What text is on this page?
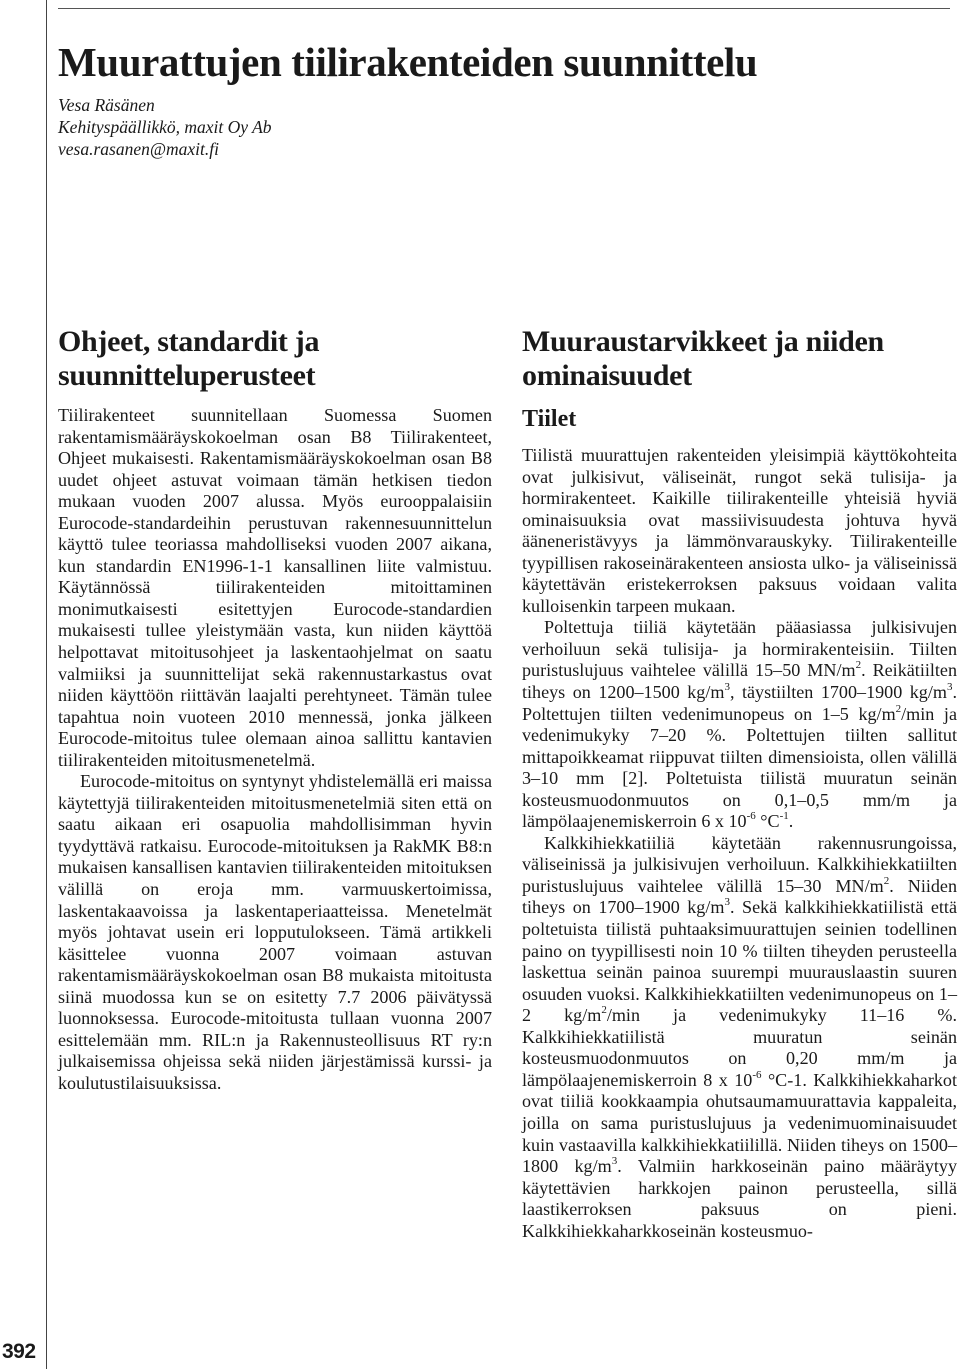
392
Muurattujen tiilirakenteiden suunnittelu
Vesa Räsänen
Kehityspäällikkö, maxit Oy Ab
vesa.rasanen@maxit.fi
Ohjeet, standardit ja suunnitteluperusteet

Tiilirakenteet suunnitellaan Suomessa Suomen rakentamismääräyskokoelman osan B8 Tiilirakenteet, Ohjeet mukaisesti. Rakentamismääräyskokoelman osan B8 uudet ohjeet astuvat voimaan tämän hetkisen tiedon mukaan vuoden 2007 alussa. Myös eurooppalaisiin Eurocode-standardeihin perustuvan rakennesuunnittelun käyttö tulee teoriassa mahdolliseksi vuoden 2007 aikana, kun standardin EN1996-1-1 kansallinen liite valmistuu. Käytännössä tiilirakenteiden mitoittaminen monimutkaisesti esitettyjen Eurocode-standardien mukaisesti tullee yleistymään vasta, kun niiden käyttöä helpottavat mitoitusohjeet ja laskentaohjelmat on saatu valmiiksi ja suunnittelijat sekä rakennustarkastus ovat niiden käyttöön riittävän laajalti perehtyneet. Tämän tulee tapahtua noin vuoteen 2010 mennessä, jonka jälkeen Eurocode-mitoitus tulee olemaan ainoa sallittu kantavien tiilirakenteiden mitoitusmenetelmä.

Eurocode-mitoitus on syntynyt yhdistelemällä eri maissa käytettyjä tiilirakenteiden mitoitusmenetelmiä siten että on saatu aikaan eri osapuolia mahdollisimman hyvin tyydyttävä ratkaisu. Eurocode-mitoituksen ja RakMK B8:n mukaisen kansallisen kantavien tiilirakenteiden mitoituksen välillä on eroja mm. varmuuskertoimissa, laskentakaavoissa ja laskentaperiaatteissa. Menetelmät myös johtavat usein eri lopputulokseen. Tämä artikkeli käsittelee vuonna 2007 voimaan astuvan rakentamismääräyskokoelman osan B8 mukaista mitoitusta siinä muodossa kun se on esitetty 7.7 2006 päivätyssä luonnoksessa. Eurocode-mitoitusta tullaan vuonna 2007 esittelemään mm. RIL:n ja Rakennusteollisuus RT ry:n julkaisemissa ohjeissa sekä niiden järjestämissä kurssi- ja koulutustilaisuuksissa.

Muuraustarvikkeet ja niiden ominaisuudet
Tiilet

Tiilistä muurattujen rakenteiden yleisimpiä käyttökohteita ovat julkisivut, väliseinät, rungot sekä tulisija- ja hormirakenteet. Kaikille tiilirakenteille yhteisiä hyviä ominaisuuksia ovat massiivisuudesta johtuva hyvä ääneneristävyys ja lämmönvarauskyky. Tiilirakenteille tyypillisen rakoseinärakenteen ansiosta ulko- ja väliseinissä käytettävän eristekerroksen paksuus voidaan valita kulloisenkin tarpeen mukaan.

Poltettuja tiiliä käytetään pääasiassa julkisivujen verhoiluun sekä tulisija- ja hormirakenteisiin. Tiilten puristuslujuus vaihtelee välillä 15–50 $MN/m^2$. Reikätiilten tiheys on 1200–1500 $kg/m^3$, täystiilten 1700–1900 $kg/m^3$. Poltettujen tiilten vedenimunopeus on 1–5 $kg/m^2/\min$ ja vedenimukyky 7–20 %. Poltettujen tiilten sallitut mittapoikkeamat riippuvat tiilten dimensioista, ollen välillä 3–10 mm [2]. Poltetuista tiilistä muuratun seinän kosteusmuodonmuutos on 0,1–0,5 mm/m ja lämpölaajenemiskerroin 6 x $10^{-6}$ $^\circ C^{-1}$.

Kalkkihiekkatiiliä käytetään rakennusrungoissa, väliseinissä ja julkisivujen verhoiluun. Kalkkihiekkatiilten puristuslujuus vaihtelee välillä 15–30 $MN/m^2$. Niiden tiheys on 1700–1900 $kg/m^3$. Sekä kalkkihiekkatiilistä että poltetuista tiilistä puhtaaksimuurattujen seinien todellinen paino on tyypillisesti noin 10 % tiilten tiheyden perusteella laskettua seinän painoa suurempi muurauslaastin suuren osuuden vuoksi. Kalkkihiekkatiilten vedenimunopeus on 1–2 $kg/m^2/\min$ ja vedenimukyky 11–16 %. Kalkkihiekkatiilistä muuratun seinän kosteusmuodonmuutos on 0,20 mm/m ja lämpölaajenemiskerroin 8 x $10^{-6}$ °C-1. Kalkkihiekkaharkot ovat tiiliä kookkaampia ohutsaumamuurattavia kappaleita, joilla on sama puristuslujuus ja vedenimuominaisuudet kuin vastaavilla kalkkihiekkatiilillä. Niiden tiheys on 1500–1800 $kg/m^3$. Valmiin harkkoseinän paino määräytyy käytettävien harkkojen painon perusteella, sillä laastikerroksen paksuus on pieni. Kalkkihiekkaharkkoseinän kosteusmuo-
